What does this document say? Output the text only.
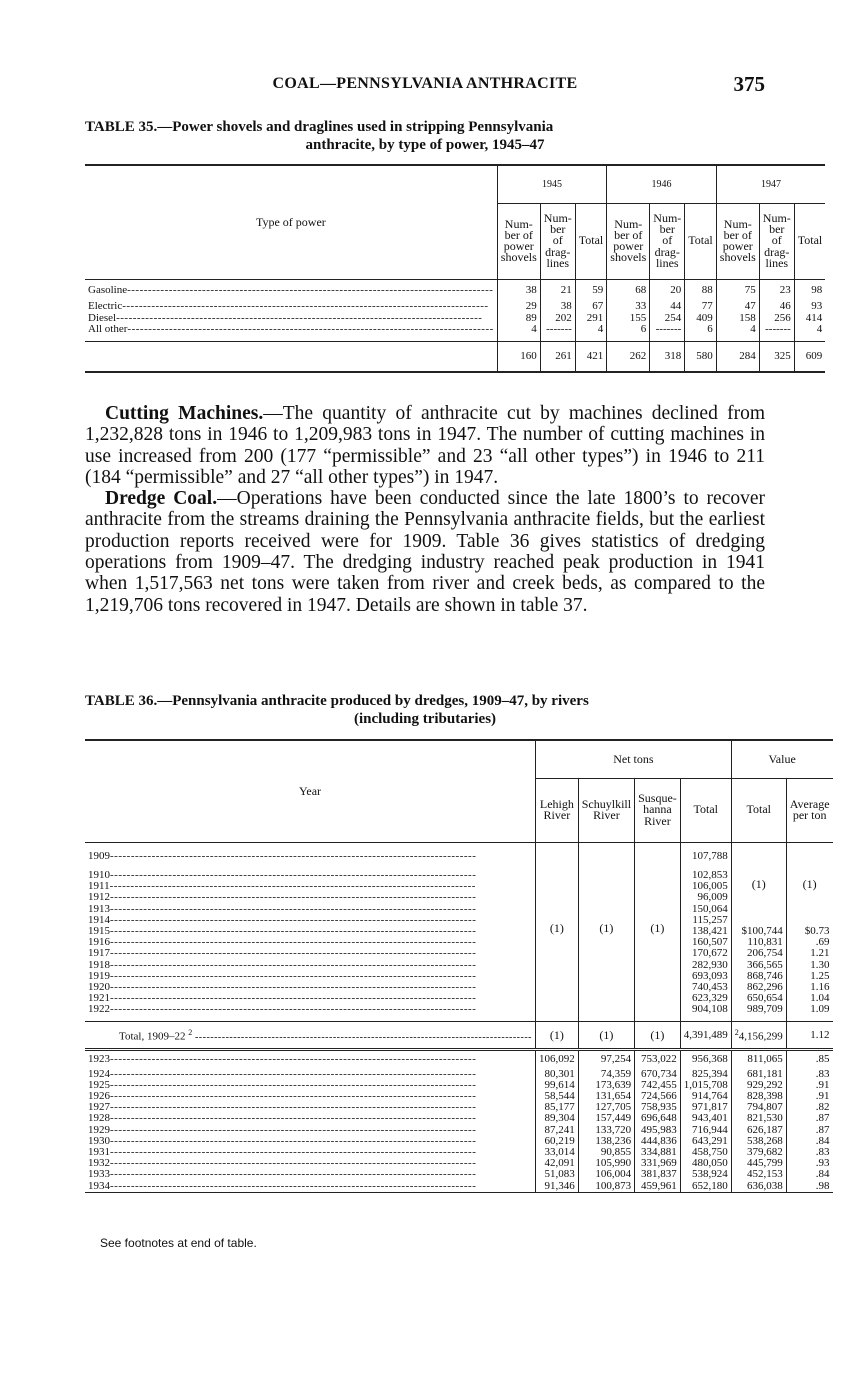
COAL—PENNSYLVANIA ANTHRACITE	375
TABLE 35.—Power shovels and draglines used in stripping Pennsylvania
anthracite, by type of power, 1945–47
Type of power	1945			1946			1947		
	Num-
ber of
power
shovels	Num-
ber of
drag-
lines	Total	Num-
ber of
power
shovels	Num-
ber of
drag-
lines	Total	Num-
ber of
power
shovels	Num-
ber of
drag-
lines	Total
Gasoline -----	38	21	59	68	20	88	75	23	98
Electric -----	29	38	67	33	44	77	47	46	93
Diesel -----	89	202	291	155	254	409	158	256	414
All other -----	4	-------	4	6	-------	6	4	-------	4

	160	261	421	262	318	580	284	325	609

Cutting Machines.—The quantity of anthracite cut by machines declined from 1,232,828 tons in 1946 to 1,209,983 tons in 1947. The number of cutting machines in use increased from 200 (177 “permissible” and 23 “all other types”) in 1946 to 211 (184 “permissible” and 27 “all other types”) in 1947.

Dredge Coal.—Operations have been conducted since the late 1800’s to recover anthracite from the streams draining the Pennsylvania anthracite fields, but the earliest production reports received were for 1909. Table 36 gives statistics of dredging operations from 1909–47. The dredging industry reached peak production in 1941 when 1,517,563 net tons were taken from river and creek beds, as compared to the 1,219,706 tons recovered in 1947. Details are shown in table 37.

TABLE 36.—Pennsylvania anthracite produced by dredges, 1909–47, by rivers
(including tributaries)
Year	Net tons				Value	
	Lehigh
River	Schuylkill
River	Susque-
hanna
River	Total	Total	Average
per ton
1909 -----	(1)	(1)	(1)	107,788	(1)	(1)
1910 -----				102,853		
1911 -----				106,005		
1912 -----				96,009		
1913 -----				150,064		
1914 -----				115,257		
1915 -----				138,421	$100,744	$0.73
1916 -----				160,507	110,831	.69
1917 -----				170,672	206,754	1.21
1918 -----				282,930	366,565	1.30
1919 -----				693,093	868,746	1.25
1920 -----				740,453	862,296	1.16
1921 -----				623,329	650,654	1.04
1922 -----				904,108	989,709	1.09

Total, 1909–22 $^2$ -----	(1)	(1)	(1)	4,391,489	$^2$4,156,299	1.12
1923 -----	106,092	97,254	753,022	956,368	811,065	.85
1924 -----	80,301	74,359	670,734	825,394	681,181	.83
1925 -----	99,614	173,639	742,455	1,015,708	929,292	.91
1926 -----	58,544	131,654	724,566	914,764	828,398	.91
1927 -----	85,177	127,705	758,935	971,817	794,807	.82
1928 -----	89,304	157,449	696,648	943,401	821,530	.87
1929 -----	87,241	133,720	495,983	716,944	626,187	.87
1930 -----	60,219	138,236	444,836	643,291	538,268	.84
1931 -----	33,014	90,855	334,881	458,750	379,682	.83
1932 -----	42,091	105,990	331,969	480,050	445,799	.93
1933 -----	51,083	106,004	381,837	538,924	452,153	.84
1934 -----	91,346	100,873	459,961	652,180	636,038	.98
See footnotes at end of table.
